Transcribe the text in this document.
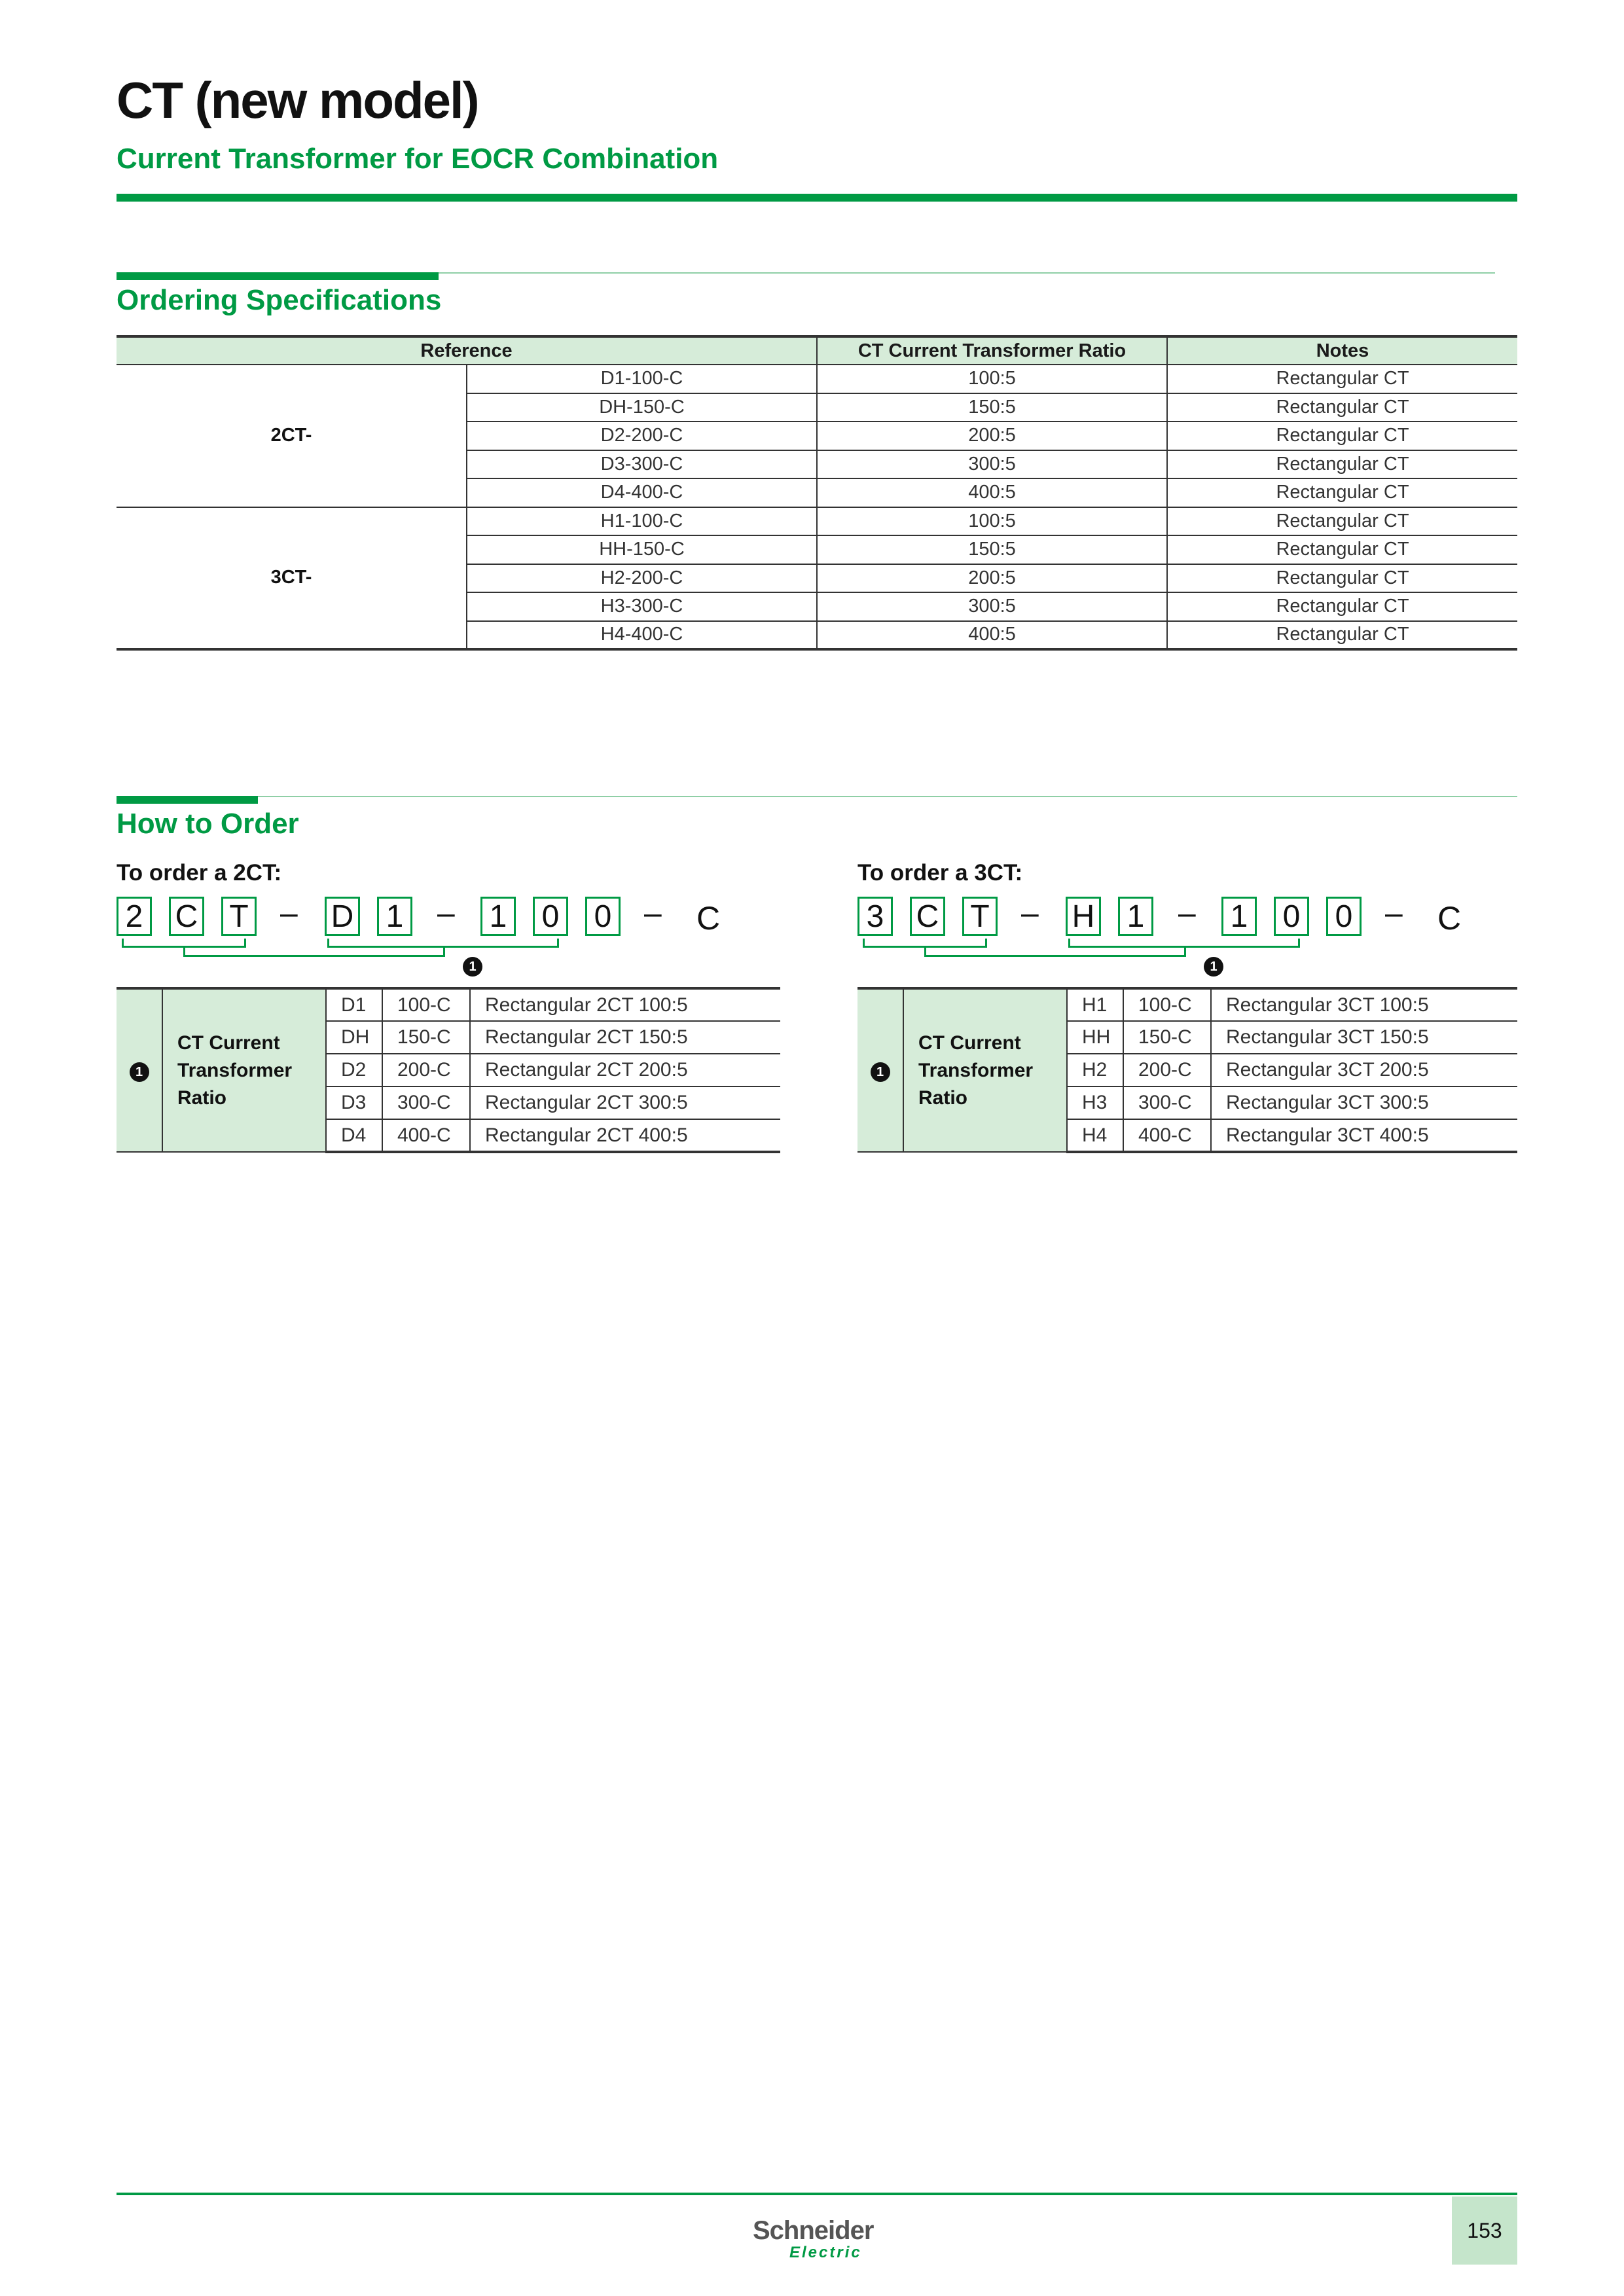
CT (new model)
Current Transformer for EOCR Combination
Ordering Specifications
Reference		CT Current Transformer Ratio	Notes
2CT-	D1-100-C	100:5	Rectangular CT
	DH-150-C	150:5	Rectangular CT
	D2-200-C	200:5	Rectangular CT
	D3-300-C	300:5	Rectangular CT
	D4-400-C	400:5	Rectangular CT
3CT-	H1-100-C	100:5	Rectangular CT
	HH-150-C	150:5	Rectangular CT
	H2-200-C	200:5	Rectangular CT
	H3-300-C	300:5	Rectangular CT
	H4-400-C	400:5	Rectangular CT
How to Order
To order a 2CT:
2 C T – D 1 – 1 0 0 – C
1
1	CT Current Transformer Ratio	D1	100-C	Rectangular 2CT 100:5
		DH	150-C	Rectangular 2CT 150:5
		D2	200-C	Rectangular 2CT 200:5
		D3	300-C	Rectangular 2CT 300:5
		D4	400-C	Rectangular 2CT 400:5
To order a 3CT:
3 C T – H 1 – 1 0 0 – C
1
1	CT Current Transformer Ratio	H1	100-C	Rectangular 3CT 100:5
		HH	150-C	Rectangular 3CT 150:5
		H2	200-C	Rectangular 3CT 200:5
		H3	300-C	Rectangular 3CT 300:5
		H4	400-C	Rectangular 3CT 400:5
Schneider
Electric
153
